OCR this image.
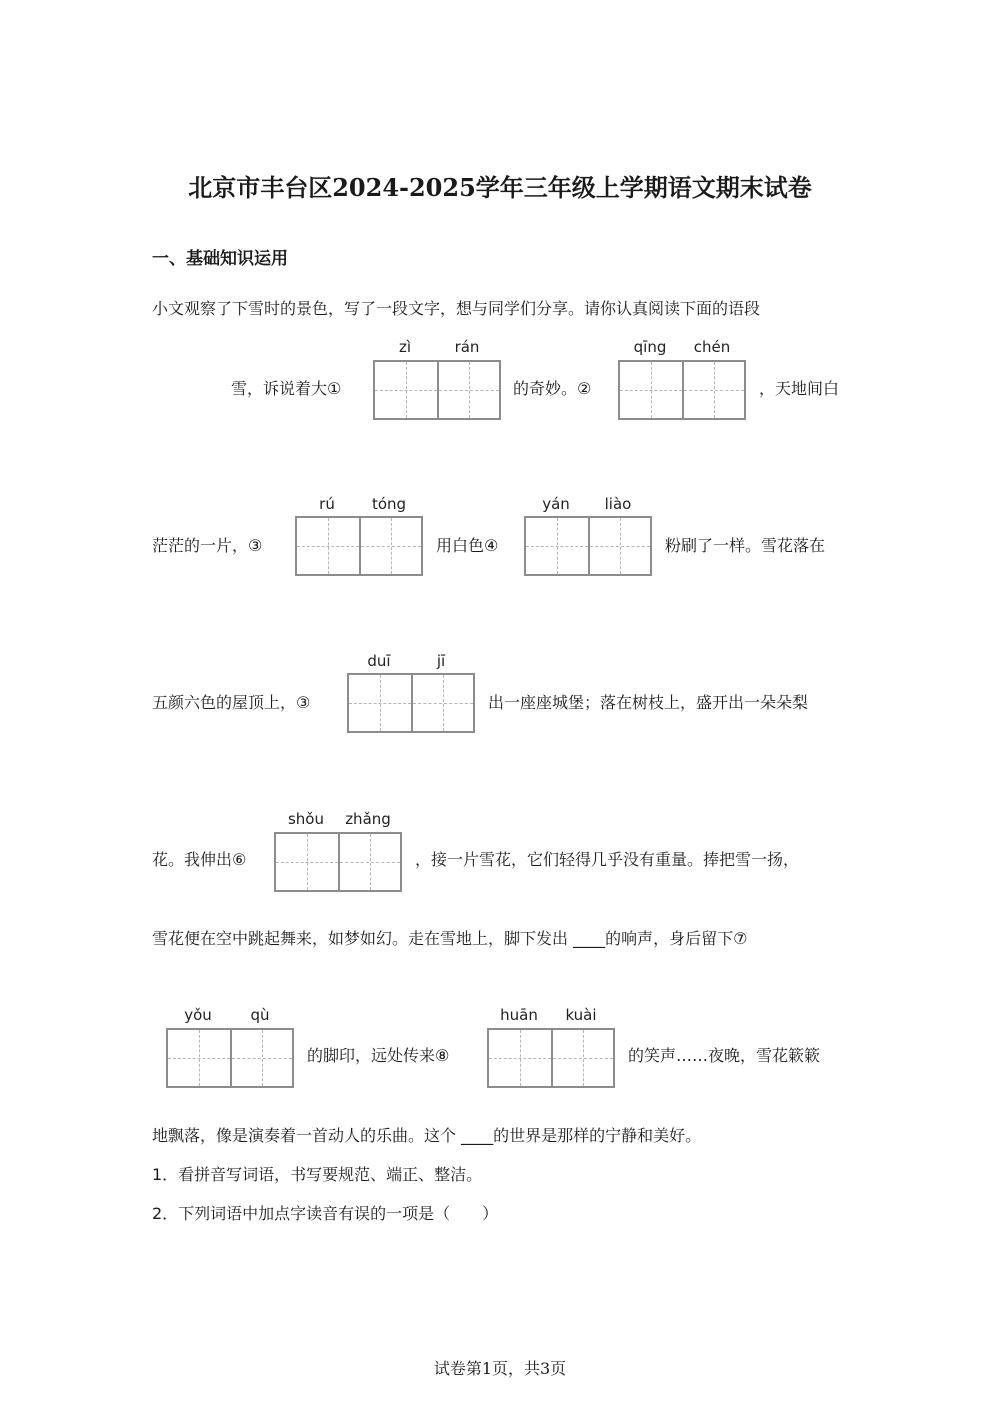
北京市丰台区2024-2025学年三年级上学期语文期末试卷
一、基础知识运用
小文观察了下雪时的景色，写了一段文字，想与同学们分享。请你认真阅读下面的语段
雪，诉说着大①
zì	rán
的奇妙。②
qīng	chén
，天地间白
茫茫的一片，③
rú	tóng
用白色④
yán	liào
粉刷了一样。雪花落在
五颜六色的屋顶上，③
duī	jī
出一座座城堡；落在树枝上，盛开出一朵朵梨
花。我伸出⑥
shǒu	zhǎng
，接一片雪花，它们轻得几乎没有重量。捧把雪一扬，
雪花便在空中跳起舞来，如梦如幻。走在雪地上，脚下发出 ____的响声，身后留下⑦
yǒu	qù
的脚印，远处传来⑧
huān	kuài
的笑声……夜晚，雪花簌簌
地飘落，像是演奏着一首动人的乐曲。这个 ____的世界是那样的宁静和美好。
1．看拼音写词语，书写要规范、端正、整洁。
2．下列词语中加点字读音有误的一项是（　　）
试卷第1页，共3页
